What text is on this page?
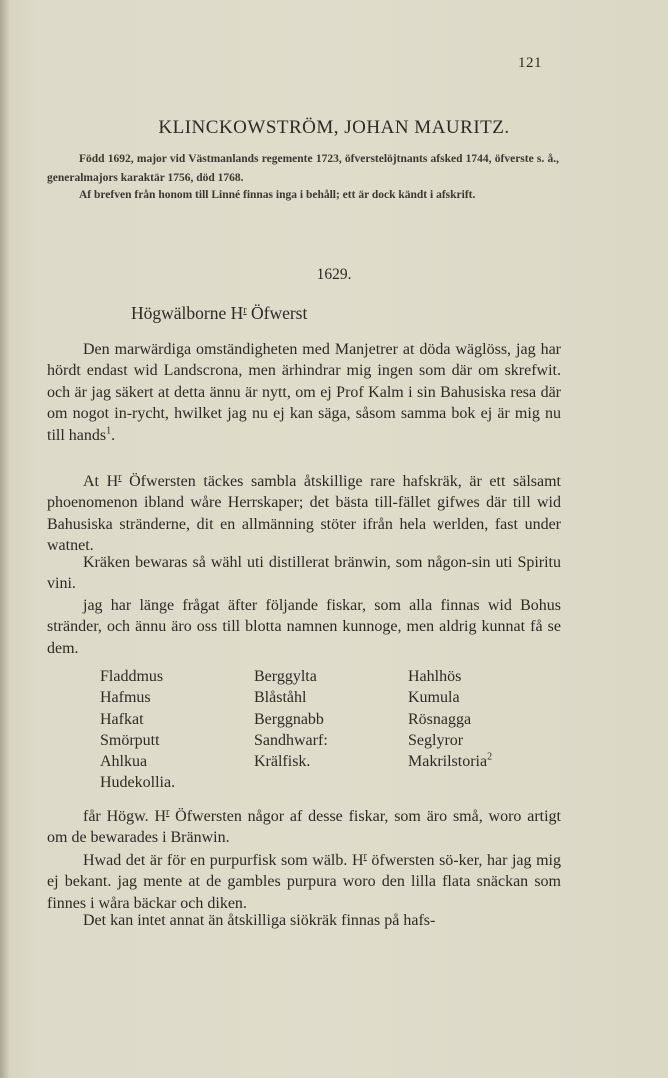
121
KLINCKOWSTRÖM, JOHAN MAURITZ.

Född 1692, major vid Västmanlands regemente 1723, öfverstelöjtnants afsked 1744, öfverste s. å., generalmajors karaktär 1756, död 1768.

Af brefven från honom till Linné finnas inga i behåll; ett är dock kändt i afskrift.

1629.
Högwälborne $H^r$ Öfwerst

Den marwärdiga omständigheten med Manjetrer at döda wäglöss, jag har hördt endast wid Landscrona, men ärhindrar mig ingen som där om skrefwit. och är jag säkert at detta ännu är nytt, om ej Prof Kalm i sin Bahusiska resa där om nogot in-rycht, hwilket jag nu ej kan säga, såsom samma bok ej är mig nu till hands$^1$.

At $H^r$ Öfwersten täckes sambla åtskillige rare hafskräk, är ett sälsamt phoenomenon ibland wåre Herrskaper; det bästa till-fället gifwes där till wid Bahusiska stränderne, dit en allmänning stöter ifrån hela werlden, fast under watnet.

Kräken bewaras så wähl uti distillerat bränwin, som någon-sin uti Spiritu vini.

jag har länge frågat äfter följande fiskar, som alla finnas wid Bohus stränder, och ännu äro oss till blotta namnen kunnoge, men aldrig kunnat få se dem.

Fladdmus
Hafmus
Hafkat
Smörputt
Ahlkua
Hudekollia.
Berggylta
Blåståhl
Berggnabb
Sandhwarf:
Krälfisk.
Hahlhös
Kumula
Rösnagga
Seglyror
Makrilstoria$^2$

får Högw. $H^r$ Öfwersten någor af desse fiskar, som äro små, woro artigt om de bewarades i Bränwin.

Hwad det är för en purpurfisk som wälb. $H^r$ öfwersten sö-ker, har jag mig ej bekant. jag mente at de gambles purpura woro den lilla flata snäckan som finnes i wåra bäckar och diken.

Det kan intet annat än åtskilliga siökräk finnas på hafs-
